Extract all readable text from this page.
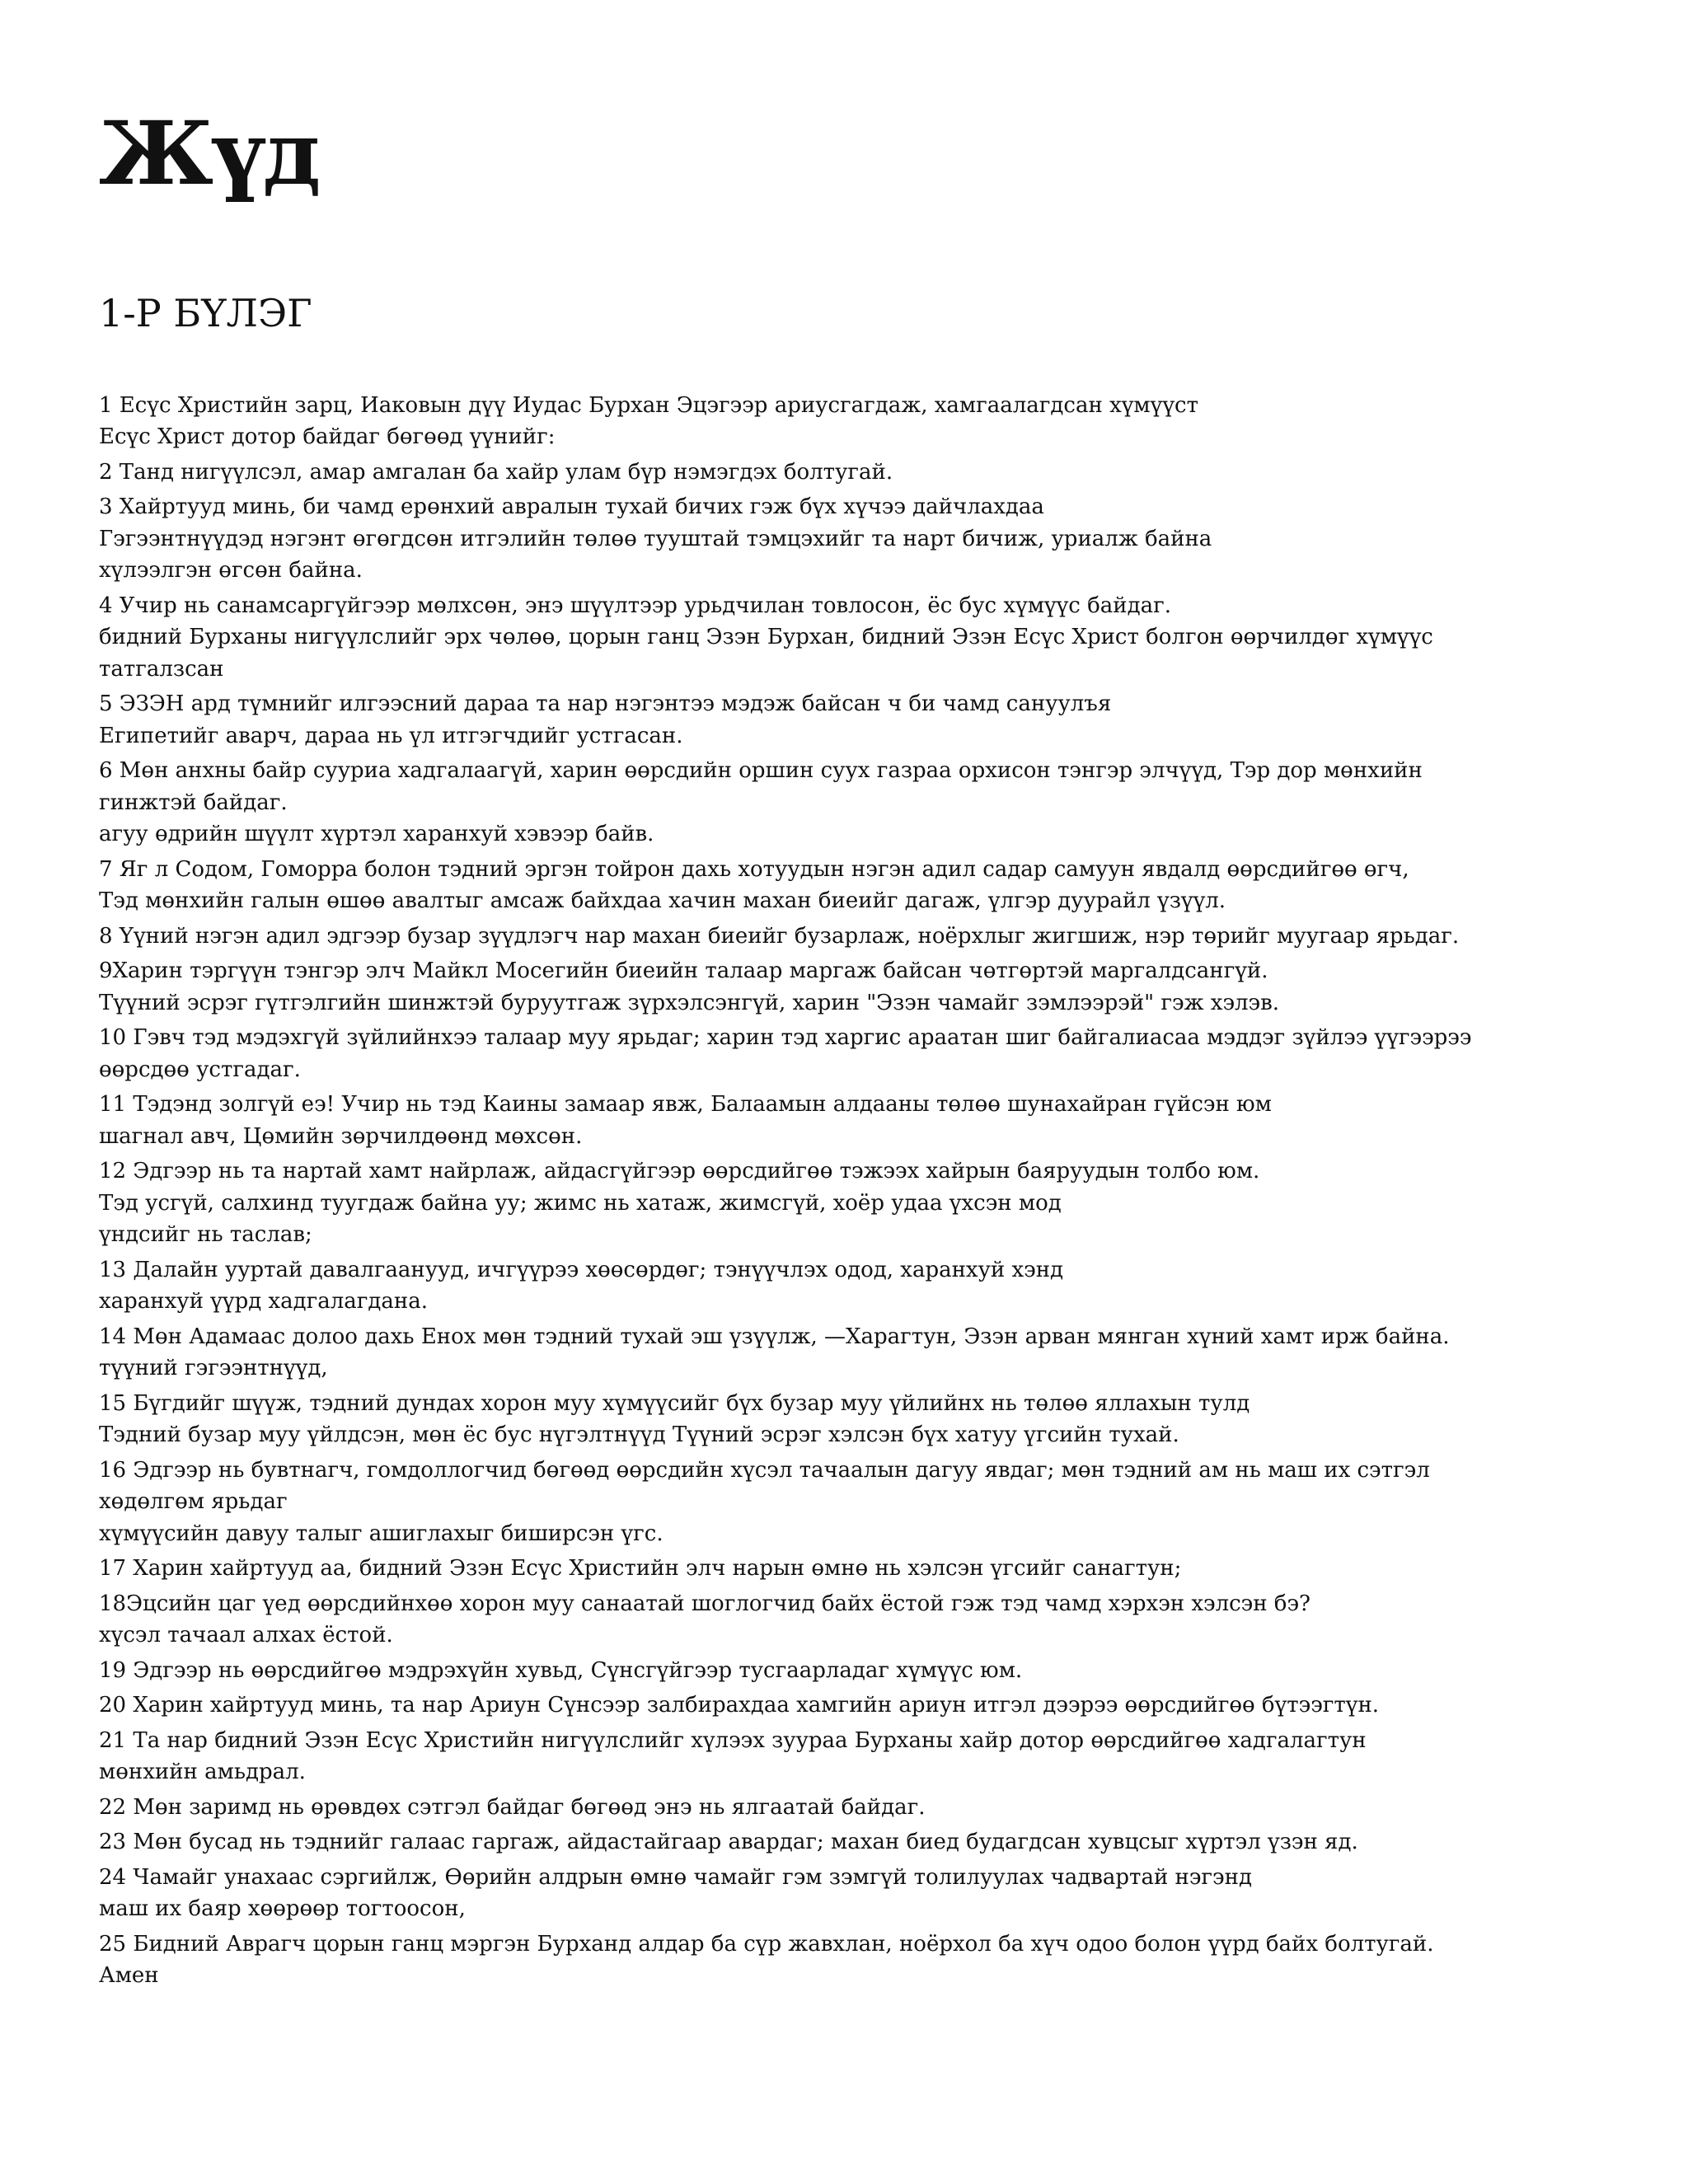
Жүд
1-Р БҮЛЭГ

1 Есүс Христийн зарц, Иаковын дүү Иудас Бурхан Эцэгээр ариусгагдаж, хамгаалагдсан хүмүүст
Есүс Христ дотор байдаг бөгөөд үүнийг:

2 Танд нигүүлсэл, амар амгалан ба хайр улам бүр нэмэгдэх болтугай.

3 Хайртууд минь, би чамд ерөнхий авралын тухай бичих гэж бүх хүчээ дайчлахдаа
Гэгээнтнүүдэд нэгэнт өгөгдсөн итгэлийн төлөө тууштай тэмцэхийг та нарт бичиж, уриалж байна
хүлээлгэн өгсөн байна.

4 Учир нь санамсаргүйгээр мөлхсөн, энэ шүүлтээр урьдчилан товлосон, ёс бус хүмүүс байдаг.
бидний Бурханы нигүүлслийг эрх чөлөө, цорын ганц Эзэн Бурхан, бидний Эзэн Есүс Христ болгон өөрчилдөг хүмүүс
татгалзсан

5 ЭЗЭН ард түмнийг илгээсний дараа та нар нэгэнтээ мэдэж байсан ч би чамд сануулъя
Египетийг аварч, дараа нь үл итгэгчдийг устгасан.

6 Мөн анхны байр сууриа хадгалаагүй, харин өөрсдийн оршин суух газраа орхисон тэнгэр элчүүд, Тэр дор мөнхийн
гинжтэй байдаг.
агуу өдрийн шүүлт хүртэл харанхуй хэвээр байв.

7 Яг л Содом, Гоморра болон тэдний эргэн тойрон дахь хотуудын нэгэн адил садар самуун явдалд өөрсдийгөө өгч,
Тэд мөнхийн галын өшөө авалтыг амсаж байхдаа хачин махан биеийг дагаж, үлгэр дуурайл үзүүл.

8 Үүний нэгэн адил эдгээр бузар зүүдлэгч нар махан биеийг бузарлаж, ноёрхлыг жигшиж, нэр төрийг муугаар ярьдаг.

9Харин тэргүүн тэнгэр элч Майкл Мосегийн биеийн талаар маргаж байсан чөтгөртэй маргалдсангүй.
Түүний эсрэг гүтгэлгийн шинжтэй буруутгаж зүрхэлсэнгүй, харин "Эзэн чамайг зэмлээрэй" гэж хэлэв.

10 Гэвч тэд мэдэхгүй зүйлийнхээ талаар муу ярьдаг; харин тэд харгис араатан шиг байгалиасаа мэддэг зүйлээ үүгээрээ
өөрсдөө устгадаг.

11 Тэдэнд золгүй еэ! Учир нь тэд Каины замаар явж, Балаамын алдааны төлөө шунахайран гүйсэн юм
шагнал авч, Цөмийн зөрчилдөөнд мөхсөн.

12 Эдгээр нь та нартай хамт найрлаж, айдасгүйгээр өөрсдийгөө тэжээх хайрын баяруудын толбо юм.
Тэд усгүй, салхинд туугдаж байна уу; жимс нь хатаж, жимсгүй, хоёр удаа үхсэн мод
үндсийг нь таслав;

13 Далайн ууртай давалгаанууд, ичгүүрээ хөөсөрдөг; тэнүүчлэх одод, харанхуй хэнд
харанхуй үүрд хадгалагдана.

14 Мөн Адамаас долоо дахь Енох мөн тэдний тухай эш үзүүлж, —Харагтун, Эзэн арван мянган хүний хамт ирж байна.
түүний гэгээнтнүүд,

15 Бүгдийг шүүж, тэдний дундах хорон муу хүмүүсийг бүх бузар муу үйлийнх нь төлөө яллахын тулд
Тэдний бузар муу үйлдсэн, мөн ёс бус нүгэлтнүүд Түүний эсрэг хэлсэн бүх хатуу үгсийн тухай.

16 Эдгээр нь бувтнагч, гомдоллогчид бөгөөд өөрсдийн хүсэл тачаалын дагуу явдаг; мөн тэдний ам нь маш их сэтгэл
хөдөлгөм ярьдаг
хүмүүсийн давуу талыг ашиглахыг биширсэн үгс.

17 Харин хайртууд аа, бидний Эзэн Есүс Христийн элч нарын өмнө нь хэлсэн үгсийг санагтун;

18Эцсийн цаг үед өөрсдийнхөө хорон муу санаатай шоглогчид байх ёстой гэж тэд чамд хэрхэн хэлсэн бэ?
хүсэл тачаал алхах ёстой.

19 Эдгээр нь өөрсдийгөө мэдрэхүйн хувьд, Сүнсгүйгээр тусгаарладаг хүмүүс юм.

20 Харин хайртууд минь, та нар Ариун Сүнсээр залбирахдаа хамгийн ариун итгэл дээрээ өөрсдийгөө бүтээгтүн.

21 Та нар бидний Эзэн Есүс Христийн нигүүлслийг хүлээх зуураа Бурханы хайр дотор өөрсдийгөө хадгалагтун
мөнхийн амьдрал.

22 Мөн заримд нь өрөвдөх сэтгэл байдаг бөгөөд энэ нь ялгаатай байдаг.

23 Мөн бусад нь тэднийг галаас гаргаж, айдастайгаар авардаг; махан биед будагдсан хувцсыг хүртэл үзэн яд.

24 Чамайг унахаас сэргийлж, Өөрийн алдрын өмнө чамайг гэм зэмгүй толилуулах чадвартай нэгэнд
маш их баяр хөөрөөр тогтоосон,

25 Бидний Аврагч цорын ганц мэргэн Бурханд алдар ба сүр жавхлан, ноёрхол ба хүч одоо болон үүрд байх болтугай.
Амен
